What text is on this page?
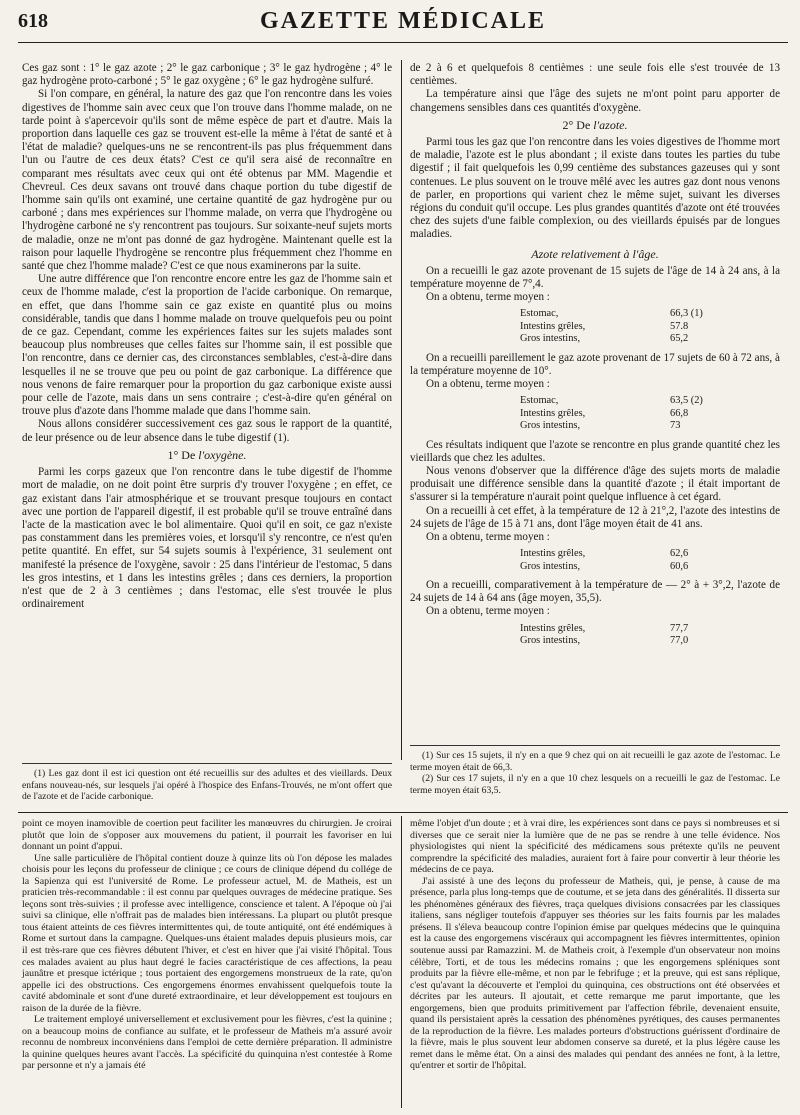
618	GAZETTE MÉDICALE

Ces gaz sont : 1° le gaz azote ; 2° le gaz carbonique ; 3° le gaz hydrogène ; 4° le gaz hydrogène proto-carboné ; 5° le gaz oxygène ; 6° le gaz hydrogène sulfuré.

Si l'on compare, en général, la nature des gaz que l'on rencontre dans les voies digestives de l'homme sain avec ceux que l'on trouve dans l'homme malade, on ne tarde point à s'apercevoir qu'ils sont de même espèce de part et d'autre. Mais la proportion dans laquelle ces gaz se trouvent est-elle la même à l'état de santé et à l'état de maladie? quelques-uns ne se rencontrent-ils pas plus fréquemment dans l'un ou l'autre de ces deux états? C'est ce qu'il sera aisé de reconnaître en comparant mes résultats avec ceux qui ont été obtenus par MM. Magendie et Chevreul. Ces deux savans ont trouvé dans chaque portion du tube digestif de l'homme sain qu'ils ont examiné, une certaine quantité de gaz hydrogène pur ou carboné ; dans mes expériences sur l'homme malade, on verra que l'hydrogène ou l'hydrogène carboné ne s'y rencontrent pas toujours. Sur soixante-neuf sujets morts de maladie, onze ne m'ont pas donné de gaz hydrogène. Maintenant quelle est la raison pour laquelle l'hydrogène se rencontre plus fréquemment chez l'homme en santé que chez l'homme malade? C'est ce que nous examinerons par la suite.

Une autre différence que l'on rencontre encore entre les gaz de l'homme sain et ceux de l'homme malade, c'est la proportion de l'acide carbonique. On remarque, en effet, que dans l'homme sain ce gaz existe en quantité plus ou moins considérable, tandis que dans l homme malade on trouve quelquefois peu ou point de ce gaz. Cependant, comme les expériences faites sur les sujets malades sont beaucoup plus nombreuses que celles faites sur l'homme sain, il est possible que l'on rencontre, dans ce dernier cas, des circonstances semblables, c'est-à-dire dans lesquelles il ne se trouve que peu ou point de gaz carbonique. La différence que nous venons de faire remarquer pour la proportion du gaz carbonique existe aussi pour celle de l'azote, mais dans un sens contraire ; c'est-à-dire qu'en général on trouve plus d'azote dans l'homme malade que dans l'homme sain.

Nous allons considérer successivement ces gaz sous le rapport de la quantité, de leur présence ou de leur absence dans le tube digestif (1).

1° De l'oxygène.

Parmi les corps gazeux que l'on rencontre dans le tube digestif de l'homme mort de maladie, on ne doit point être surpris d'y trouver l'oxygène ; en effet, ce gaz existant dans l'air atmosphérique et se trouvant presque toujours en contact avec une portion de l'appareil digestif, il est probable qu'il se trouve entraîné dans l'acte de la mastication avec le bol alimentaire. Quoi qu'il en soit, ce gaz n'existe pas constamment dans les premières voies, et lorsqu'il s'y rencontre, ce n'est qu'en petite quantité. En effet, sur 54 sujets soumis à l'expérience, 31 seulement ont manifesté la présence de l'oxygène, savoir : 25 dans l'intérieur de l'estomac, 5 dans les gros intestins, et 1 dans les intestins grêles ; dans ces derniers, la proportion n'est que de 2 à 3 centièmes ; dans l'estomac, elle s'est trouvée le plus ordinairement

(1) Les gaz dont il est ici question ont été recueillis sur des adultes et des vieillards. Deux enfans nouveau-nés, sur lesquels j'ai opéré à l'hospice des Enfans-Trouvés, ne m'ont offert que de l'azote et de l'acide carbonique.

de 2 à 6 et quelquefois 8 centièmes : une seule fois elle s'est trouvée de 13 centièmes.

La température ainsi que l'âge des sujets ne m'ont point paru apporter de changemens sensibles dans ces quantités d'oxygène.

2° De l'azote.

Parmi tous les gaz que l'on rencontre dans les voies digestives de l'homme mort de maladie, l'azote est le plus abondant ; il existe dans toutes les parties du tube digestif ; il fait quelquefois les 0,99 centième des substances gazeuses qui y sont contenues. Le plus souvent on le trouve mêlé avec les autres gaz dont nous venons de parler, en proportions qui varient chez le même sujet, suivant les diverses régions du conduit qu'il occupe. Les plus grandes quantités d'azote ont été trouvées chez des sujets d'une faible complexion, ou des vieillards épuisés par de longues maladies.

Azote relativement à l'âge.

On a recueilli le gaz azote provenant de 15 sujets de l'âge de 14 à 24 ans, à la température moyenne de 7°,4.

On a obtenu, terme moyen :

Estomac,	66,3 (1)
Intestins grêles,	57.8
Gros intestins,	65,2

On a recueilli pareillement le gaz azote provenant de 17 sujets de 60 à 72 ans, à la température moyenne de 10°.

On a obtenu, terme moyen :

Estomac,	63,5 (2)
Intestins grêles,	66,8
Gros intestins,	73

Ces résultats indiquent que l'azote se rencontre en plus grande quantité chez les vieillards que chez les adultes.

Nous venons d'observer que la différence d'âge des sujets morts de maladie produisait une différence sensible dans la quantité d'azote ; il était important de s'assurer si la température n'aurait point quelque influence à cet égard.

On a recueilli à cet effet, à la température de 12 à 21°,2, l'azote des intestins de 24 sujets de l'âge de 15 à 71 ans, dont l'âge moyen était de 41 ans.

On a obtenu, terme moyen :

Intestins grêles,	62,6
Gros intestins,	60,6

On a recueilli, comparativement à la température de — 2° à + 3°,2, l'azote de 24 sujets de 14 à 64 ans (âge moyen, 35,5).

On a obtenu, terme moyen :

Intestins grêles,	77,7
Gros intestins,	77,0

(1) Sur ces 15 sujets, il n'y en a que 9 chez qui on ait recueilli le gaz azote de l'estomac. Le terme moyen était de 66,3.

(2) Sur ces 17 sujets, il n'y en a que 10 chez lesquels on a recueilli le gaz de l'estomac. Le terme moyen était 63,5.

point ce moyen inamovible de coertion peut faciliter les manœuvres du chirurgien. Je croirai plutôt que loin de s'opposer aux mouvemens du patient, il pourrait les favoriser en lui donnant un point d'appui.

Une salle particulière de l'hôpital contient douze à quinze lits où l'on dépose les malades choisis pour les leçons du professeur de clinique ; ce cours de clinique dépend du collége de la Sapienza qui est l'université de Rome. Le professeur actuel, M. de Matheis, est un praticien très-recommandable : il est connu par quelques ouvrages de médecine pratique. Ses leçons sont très-suivies ; il professe avec intelligence, conscience et talent. A l'époque où j'ai suivi sa clinique, elle n'offrait pas de malades bien intéressans. La plupart ou plutôt presque tous étaient atteints de ces fièvres intermittentes qui, de toute antiquité, ont été endémiques à Rome et surtout dans la campagne. Quelques-uns étaient malades depuis plusieurs mois, car il est très-rare que ces fièvres débutent l'hiver, et c'est en hiver que j'ai visité l'hôpital. Tous ces malades avaient au plus haut degré le facies caractéristique de ces affections, la peau jaunâtre et presque ictérique ; tous portaient des engorgemens monstrueux de la rate, qu'on appelle ici des obstructions. Ces engorgemens énormes envahissent quelquefois toute la cavité abdominale et sont d'une dureté extraordinaire, et leur développement est toujours en raison de la durée de la fièvre.

Le traitement employé universellement et exclusivement pour les fièvres, c'est la quinine ; on a beaucoup moins de confiance au sulfate, et le professeur de Matheis m'a assuré avoir reconnu de nombreux inconvéniens dans l'emploi de cette dernière préparation. Il administre la quinine quelques heures avant l'accès. La spécificité du quinquina n'est contestée à Rome par personne et n'y a jamais été

même l'objet d'un doute ; et à vrai dire, les expériences sont dans ce pays si nombreuses et si diverses que ce serait nier la lumière que de ne pas se rendre à une telle évidence. Nos physiologistes qui nient la spécificité des médicamens sous prétexte qu'ils ne peuvent comprendre la spécificité des maladies, auraient fort à faire pour convertir à leur théorie les médecins de ce paya.

J'ai assisté à une des leçons du professeur de Matheis, qui, je pense, à cause de ma présence, parla plus long-temps que de coutume, et se jeta dans des généralités. Il disserta sur les phénomènes généraux des fièvres, traça quelques divisions consacrées par les classiques italiens, sans négliger toutefois d'appuyer ses théories sur les faits fournis par les malades présens. Il s'éleva beaucoup contre l'opinion émise par quelques médecins que le quinquina est la cause des engorgemens viscéraux qui accompagnent les fièvres intermittentes, opinion soutenue aussi par Ramazzini. M. de Matheis croit, à l'exemple d'un observateur non moins célèbre, Torti, et de tous les médecins romains ; que les engorgemens spléniques sont produits par la fièvre elle-même, et non par le febrifuge ; et la preuve, qui est sans réplique, c'est qu'avant la découverte et l'emploi du quinquina, ces obstructions ont été observées et décrites par les auteurs. Il ajoutait, et cette remarque me parut importante, que les engorgemens, bien que produits primitivement par l'affection fébrile, devenaient ensuite, quand ils persistaient après la cessation des phénomènes pyrétiques, des causes permanentes de la reproduction de la fièvre. Les malades porteurs d'obstructions guérissent d'ordinaire de la fièvre, mais le plus souvent leur abdomen conserve sa dureté, et la plus légère cause les remet dans le même état. On a ainsi des malades qui pendant des années ne font, à la lettre, qu'entrer et sortir de l'hôpital.
